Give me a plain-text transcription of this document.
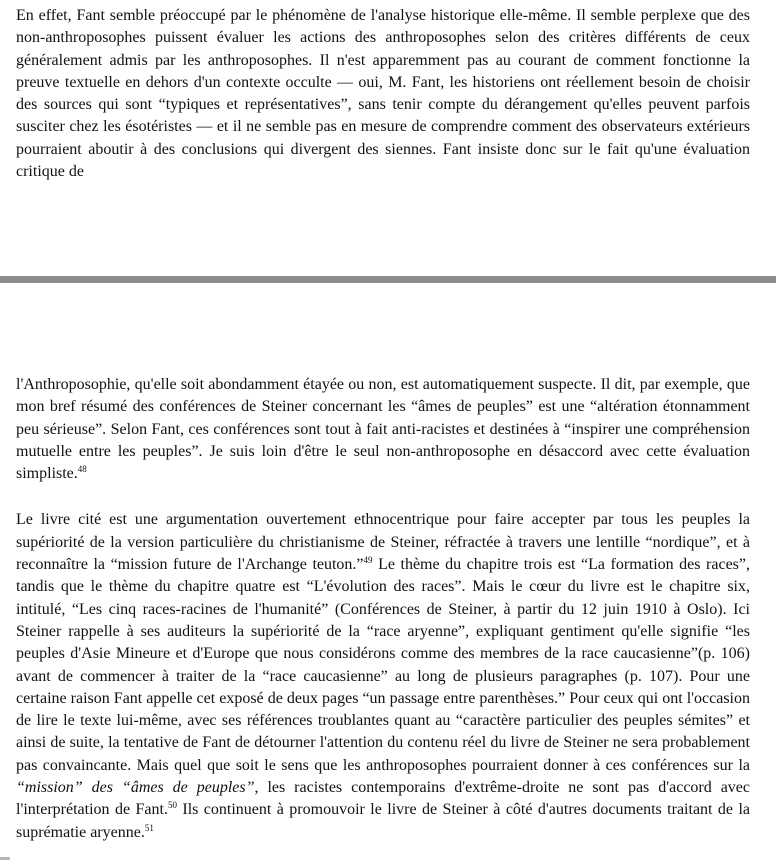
En effet, Fant semble préoccupé par le phénomène de l'analyse historique elle-même. Il semble perplexe que des non-anthroposophes puissent évaluer les actions des anthroposophes selon des critères différents de ceux généralement admis par les anthroposophes. Il n'est apparemment pas au courant de comment fonctionne la preuve textuelle en dehors d'un contexte occulte — oui, M. Fant, les historiens ont réellement besoin de choisir des sources qui sont “typiques et représentatives”, sans tenir compte du dérangement qu'elles peuvent parfois susciter chez les ésotéristes — et il ne semble pas en mesure de comprendre comment des observateurs extérieurs pourraient aboutir à des conclusions qui divergent des siennes. Fant insiste donc sur le fait qu'une évaluation critique de

l'Anthroposophie, qu'elle soit abondamment étayée ou non, est automatiquement suspecte. Il dit, par exemple, que mon bref résumé des conférences de Steiner concernant les “âmes de peuples” est une “altération étonnamment peu sérieuse”. Selon Fant, ces conférences sont tout à fait anti-racistes et destinées à “inspirer une compréhension mutuelle entre les peuples”. Je suis loin d'être le seul non-anthroposophe en désaccord avec cette évaluation simpliste.$^{48}$

Le livre cité est une argumentation ouvertement ethnocentrique pour faire accepter par tous les peuples la supériorité de la version particulière du christianisme de Steiner, réfractée à travers une lentille “nordique”, et à reconnaître la “mission future de l'Archange teuton.”$^{49}$ Le thème du chapitre trois est “La formation des races”, tandis que le thème du chapitre quatre est “L'évolution des races”. Mais le cœur du livre est le chapitre six, intitulé, “Les cinq races-racines de l'humanité” (Conférences de Steiner, à partir du 12 juin 1910 à Oslo). Ici Steiner rappelle à ses auditeurs la supériorité de la “race aryenne”, expliquant gentiment qu'elle signifie “les peuples d'Asie Mineure et d'Europe que nous considérons comme des membres de la race caucasienne”(p. 106) avant de commencer à traiter de la “race caucasienne” au long de plusieurs paragraphes (p. 107). Pour une certaine raison Fant appelle cet exposé de deux pages “un passage entre parenthèses.” Pour ceux qui ont l'occasion de lire le texte lui-même, avec ses références troublantes quant au “caractère particulier des peuples sémites” et ainsi de suite, la tentative de Fant de détourner l'attention du contenu réel du livre de Steiner ne sera probablement pas convaincante. Mais quel que soit le sens que les anthroposophes pourraient donner à ces conférences sur la “mission” des “âmes de peuples”, les racistes contemporains d'extrême-droite ne sont pas d'accord avec l'interprétation de Fant.$^{50}$ Ils continuent à promouvoir le livre de Steiner à côté d'autres documents traitant de la suprématie aryenne.$^{51}$
